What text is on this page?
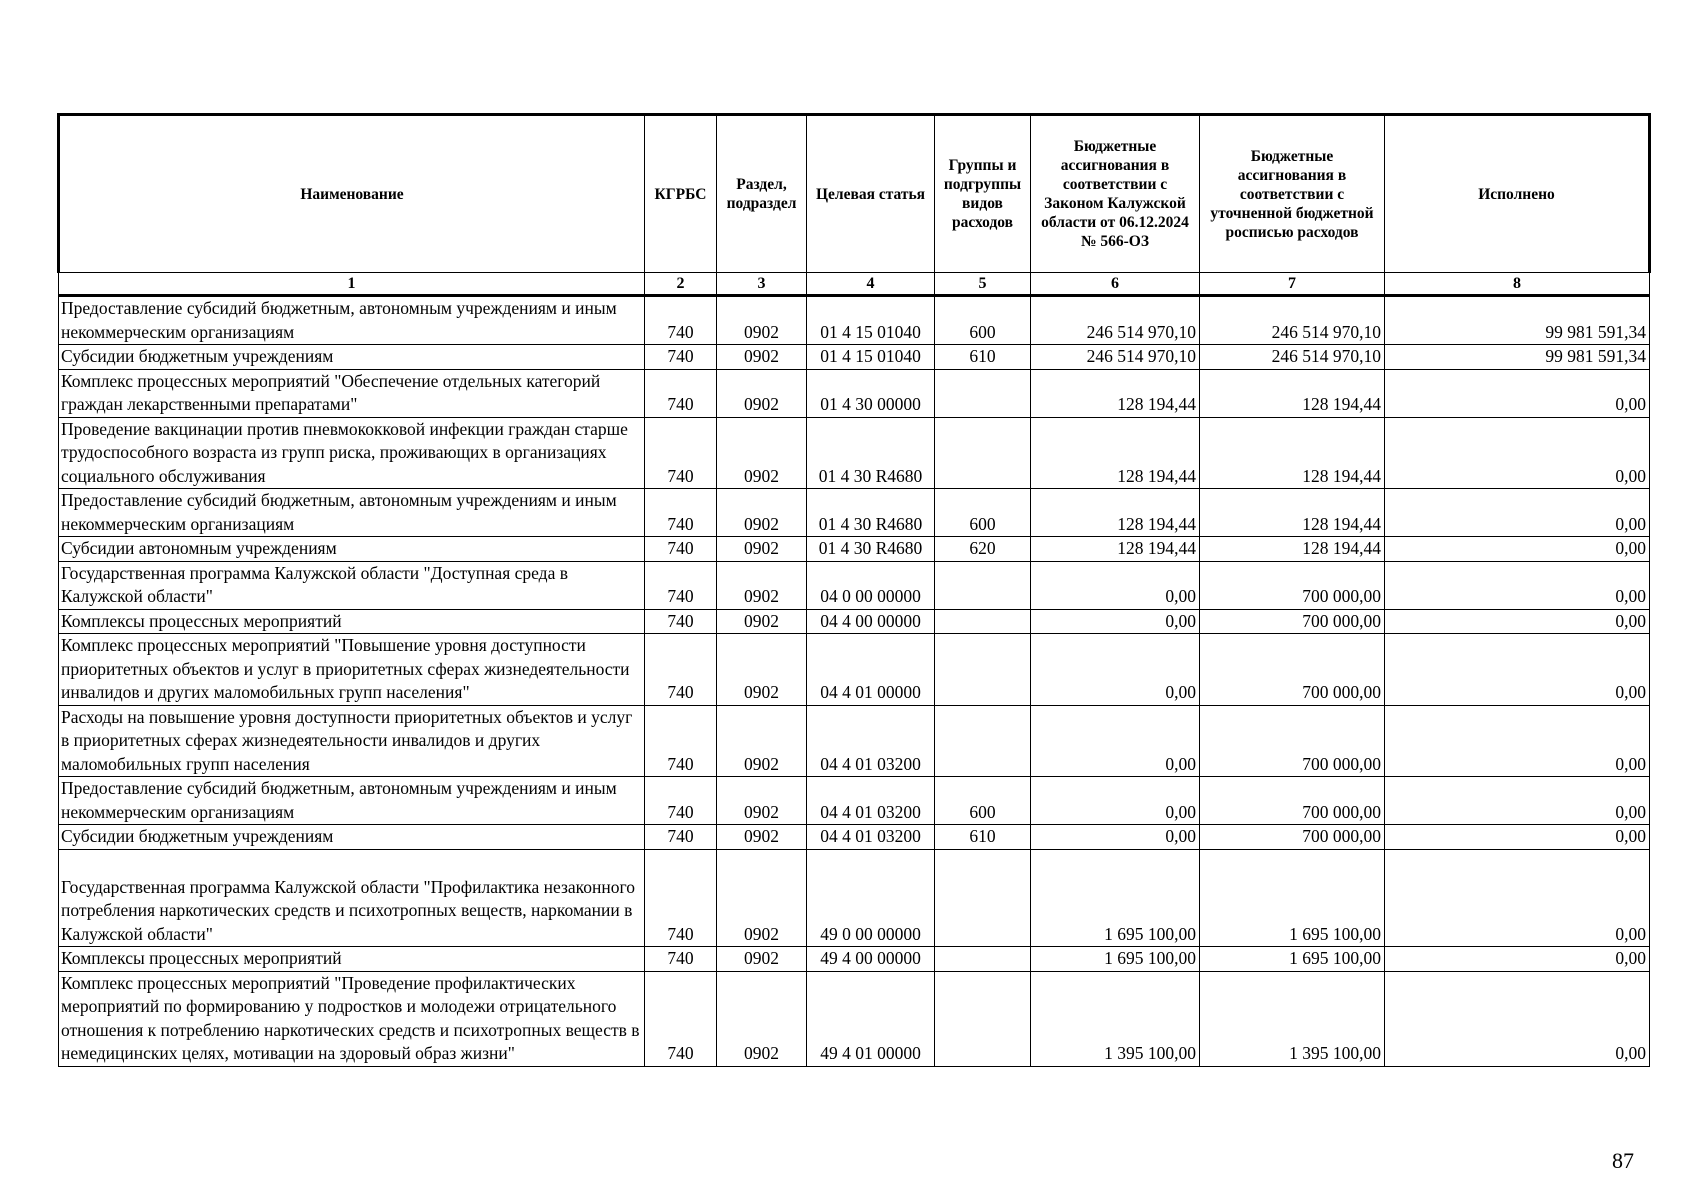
Наименование	КГРБС	Раздел, подраздел	Целевая статья	Группы и подгруппы видов расходов	Бюджетные ассигнования в соответствии с Законом Калужской области от 06.12.2024 № 566-ОЗ	Бюджетные ассигнования в соответствии с уточненной бюджетной росписью расходов	Исполнено
1	2	3	4	5	6	7	8
Предоставление субсидий бюджетным, автономным учреждениям и иным некоммерческим организациям	740	0902	01 4 15 01040	600	246 514 970,10	246 514 970,10	99 981 591,34
Субсидии бюджетным учреждениям	740	0902	01 4 15 01040	610	246 514 970,10	246 514 970,10	99 981 591,34
Комплекс процессных мероприятий "Обеспечение отдельных категорий граждан лекарственными препаратами"	740	0902	01 4 30 00000		128 194,44	128 194,44	0,00
Проведение вакцинации против пневмококковой инфекции граждан старше трудоспособного возраста из групп риска, проживающих в организациях социального обслуживания	740	0902	01 4 30 R4680		128 194,44	128 194,44	0,00
Предоставление субсидий бюджетным, автономным учреждениям и иным некоммерческим организациям	740	0902	01 4 30 R4680	600	128 194,44	128 194,44	0,00
Субсидии автономным учреждениям	740	0902	01 4 30 R4680	620	128 194,44	128 194,44	0,00
Государственная программа Калужской области "Доступная среда в Калужской области"	740	0902	04 0 00 00000		0,00	700 000,00	0,00
Комплексы процессных мероприятий	740	0902	04 4 00 00000		0,00	700 000,00	0,00
Комплекс процессных мероприятий "Повышение уровня доступности приоритетных объектов и услуг в приоритетных сферах жизнедеятельности инвалидов и других маломобильных групп населения"	740	0902	04 4 01 00000		0,00	700 000,00	0,00
Расходы на повышение уровня доступности приоритетных объектов и услуг в приоритетных сферах жизнедеятельности инвалидов и других маломобильных групп населения	740	0902	04 4 01 03200		0,00	700 000,00	0,00
Предоставление субсидий бюджетным, автономным учреждениям и иным некоммерческим организациям	740	0902	04 4 01 03200	600	0,00	700 000,00	0,00
Субсидии бюджетным учреждениям	740	0902	04 4 01 03200	610	0,00	700 000,00	0,00
Государственная программа Калужской области "Профилактика незаконного потребления наркотических средств и психотропных веществ, наркомании в Калужской области"	740	0902	49 0 00 00000		1 695 100,00	1 695 100,00	0,00
Комплексы процессных мероприятий	740	0902	49 4 00 00000		1 695 100,00	1 695 100,00	0,00
Комплекс процессных мероприятий "Проведение профилактических мероприятий по формированию у подростков и молодежи отрицательного отношения к потреблению наркотических средств и психотропных веществ в немедицинских целях, мотивации на здоровый образ жизни"	740	0902	49 4 01 00000		1 395 100,00	1 395 100,00	0,00
87
